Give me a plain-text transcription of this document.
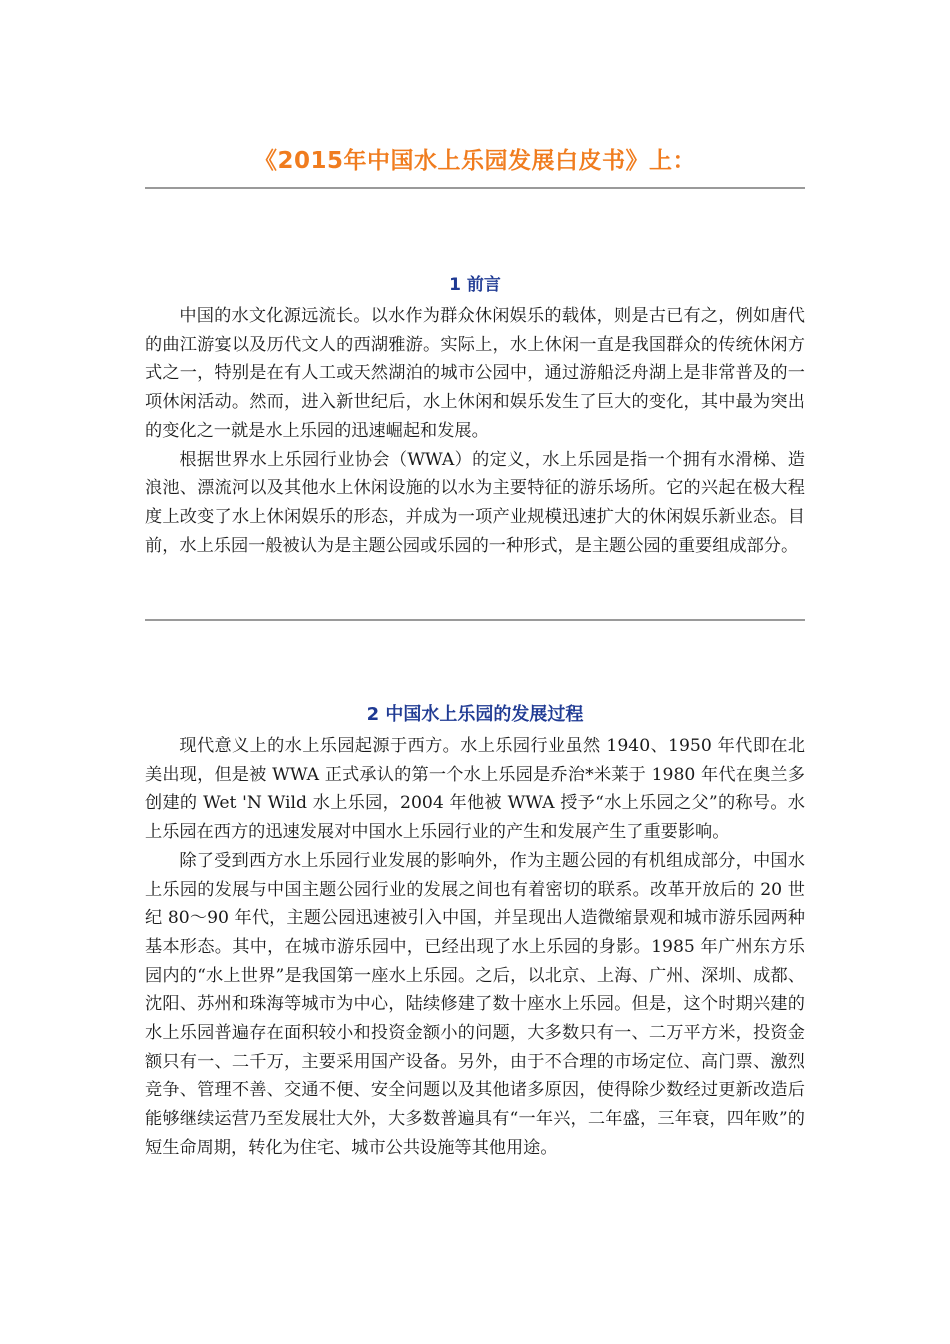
《2015年中国水上乐园发展白皮书》上：
1 前言

中国的水文化源远流长。以水作为群众休闲娱乐的载体，则是古已有之，例如唐代的曲江游宴以及历代文人的西湖雅游。实际上，水上休闲一直是我国群众的传统休闲方式之一，特别是在有人工或天然湖泊的城市公园中，通过游船泛舟湖上是非常普及的一项休闲活动。然而，进入新世纪后，水上休闲和娱乐发生了巨大的变化，其中最为突出的变化之一就是水上乐园的迅速崛起和发展。

根据世界水上乐园行业协会（WWA）的定义，水上乐园是指一个拥有水滑梯、造浪池、漂流河以及其他水上休闲设施的以水为主要特征的游乐场所。它的兴起在极大程度上改变了水上休闲娱乐的形态，并成为一项产业规模迅速扩大的休闲娱乐新业态。目前，水上乐园一般被认为是主题公园或乐园的一种形式，是主题公园的重要组成部分。

2 中国水上乐园的发展过程

现代意义上的水上乐园起源于西方。水上乐园行业虽然 1940、1950 年代即在北美出现，但是被 WWA 正式承认的第一个水上乐园是乔治*米莱于 1980 年代在奥兰多创建的 Wet 'N Wild 水上乐园，2004 年他被 WWA 授予“水上乐园之父”的称号。水上乐园在西方的迅速发展对中国水上乐园行业的产生和发展产生了重要影响。

除了受到西方水上乐园行业发展的影响外，作为主题公园的有机组成部分，中国水上乐园的发展与中国主题公园行业的发展之间也有着密切的联系。改革开放后的 20 世纪 80～90 年代，主题公园迅速被引入中国，并呈现出人造微缩景观和城市游乐园两种基本形态。其中，在城市游乐园中，已经出现了水上乐园的身影。1985 年广州东方乐园内的“水上世界”是我国第一座水上乐园。之后，以北京、上海、广州、深圳、成都、沈阳、苏州和珠海等城市为中心，陆续修建了数十座水上乐园。但是，这个时期兴建的水上乐园普遍存在面积较小和投资金额小的问题，大多数只有一、二万平方米，投资金额只有一、二千万，主要采用国产设备。另外，由于不合理的市场定位、高门票、激烈竞争、管理不善、交通不便、安全问题以及其他诸多原因，使得除少数经过更新改造后能够继续运营乃至发展壮大外，大多数普遍具有“一年兴，二年盛，三年衰，四年败”的短生命周期，转化为住宅、城市公共设施等其他用途。
